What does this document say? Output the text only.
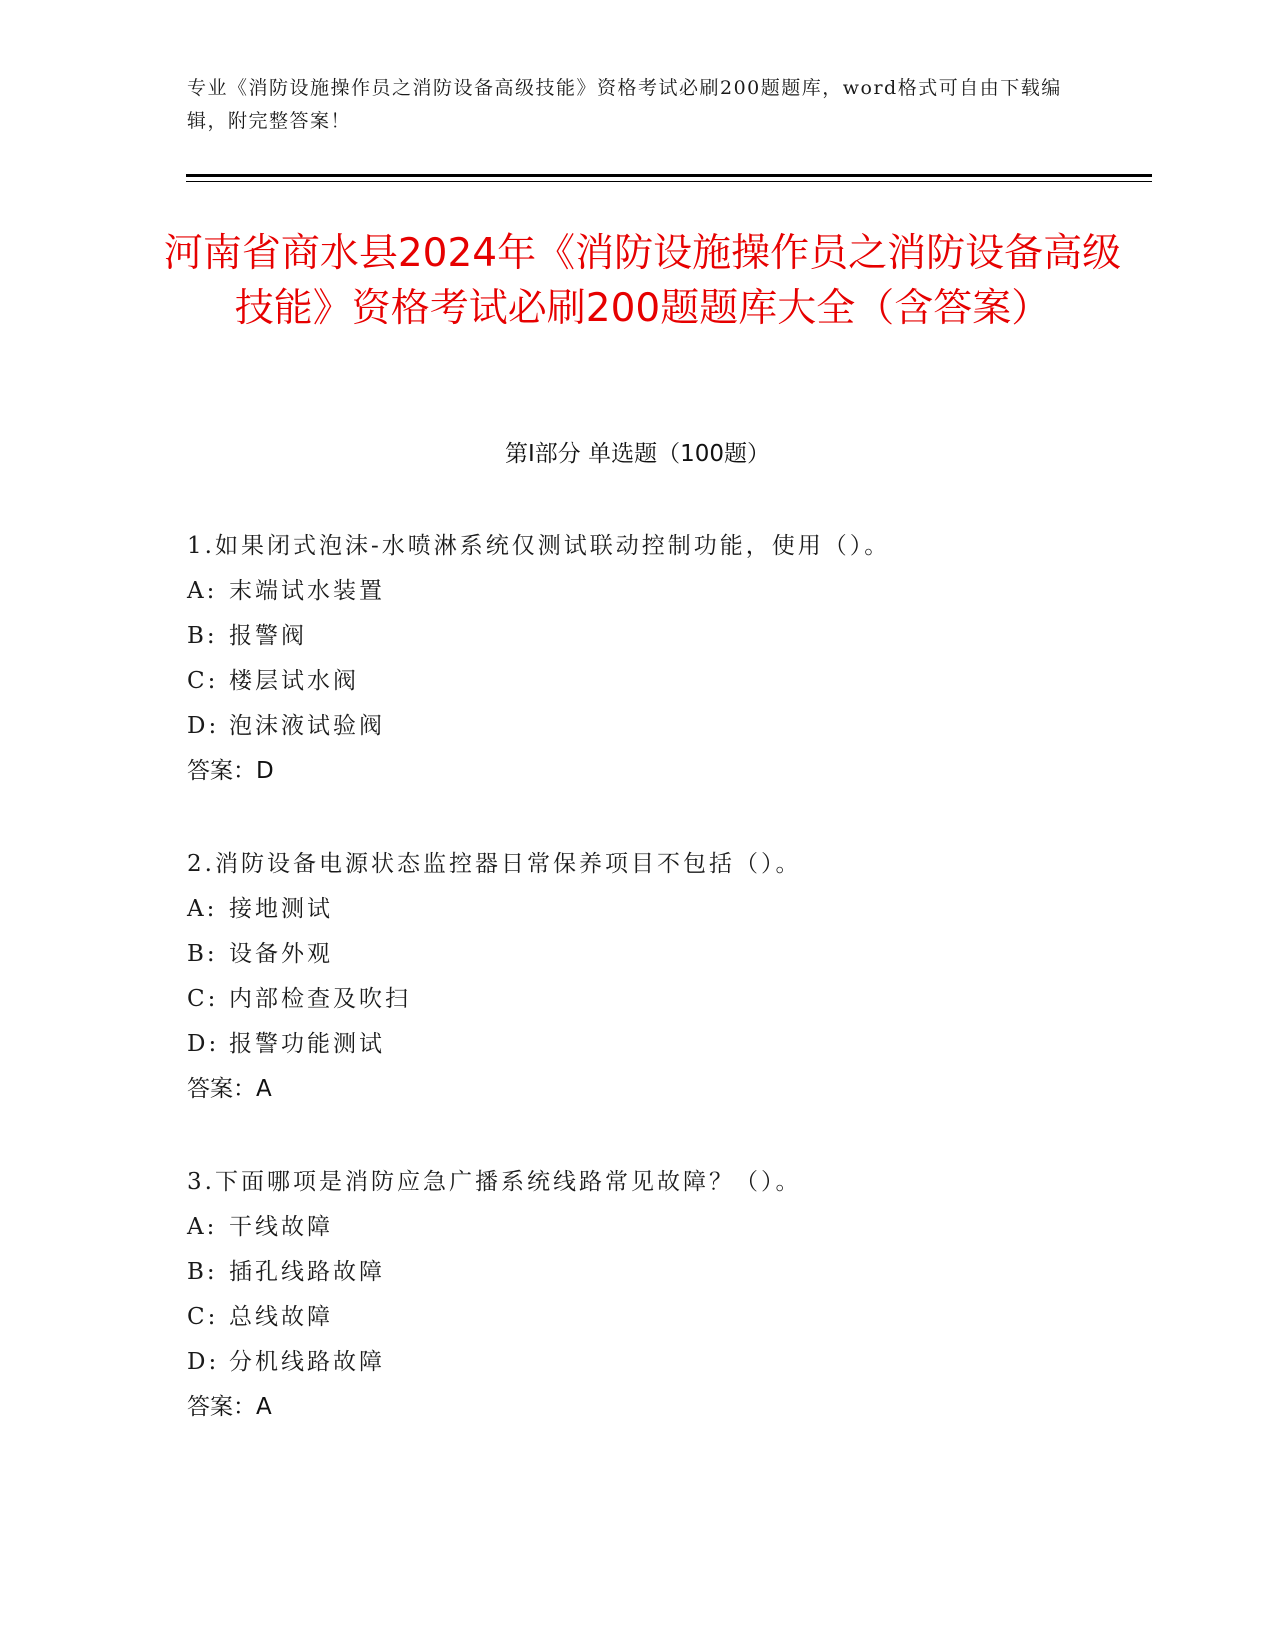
专业《消防设施操作员之消防设备高级技能》资格考试必刷200题题库，word格式可自由下载编辑，附完整答案！
河南省商水县2024年《消防设施操作员之消防设备高级技能》资格考试必刷200题题库大全（含答案）
第Ⅰ部分 单选题（100题）
1.如果闭式泡沫-水喷淋系统仅测试联动控制功能，使用（）。
A: 末端试水装置
B: 报警阀
C: 楼层试水阀
D: 泡沫液试验阀
答案：D
2.消防设备电源状态监控器日常保养项目不包括（）。
A: 接地测试
B: 设备外观
C: 内部检查及吹扫
D: 报警功能测试
答案：A
3.下面哪项是消防应急广播系统线路常见故障？（）。
A: 干线故障
B: 插孔线路故障
C: 总线故障
D: 分机线路故障
答案：A
